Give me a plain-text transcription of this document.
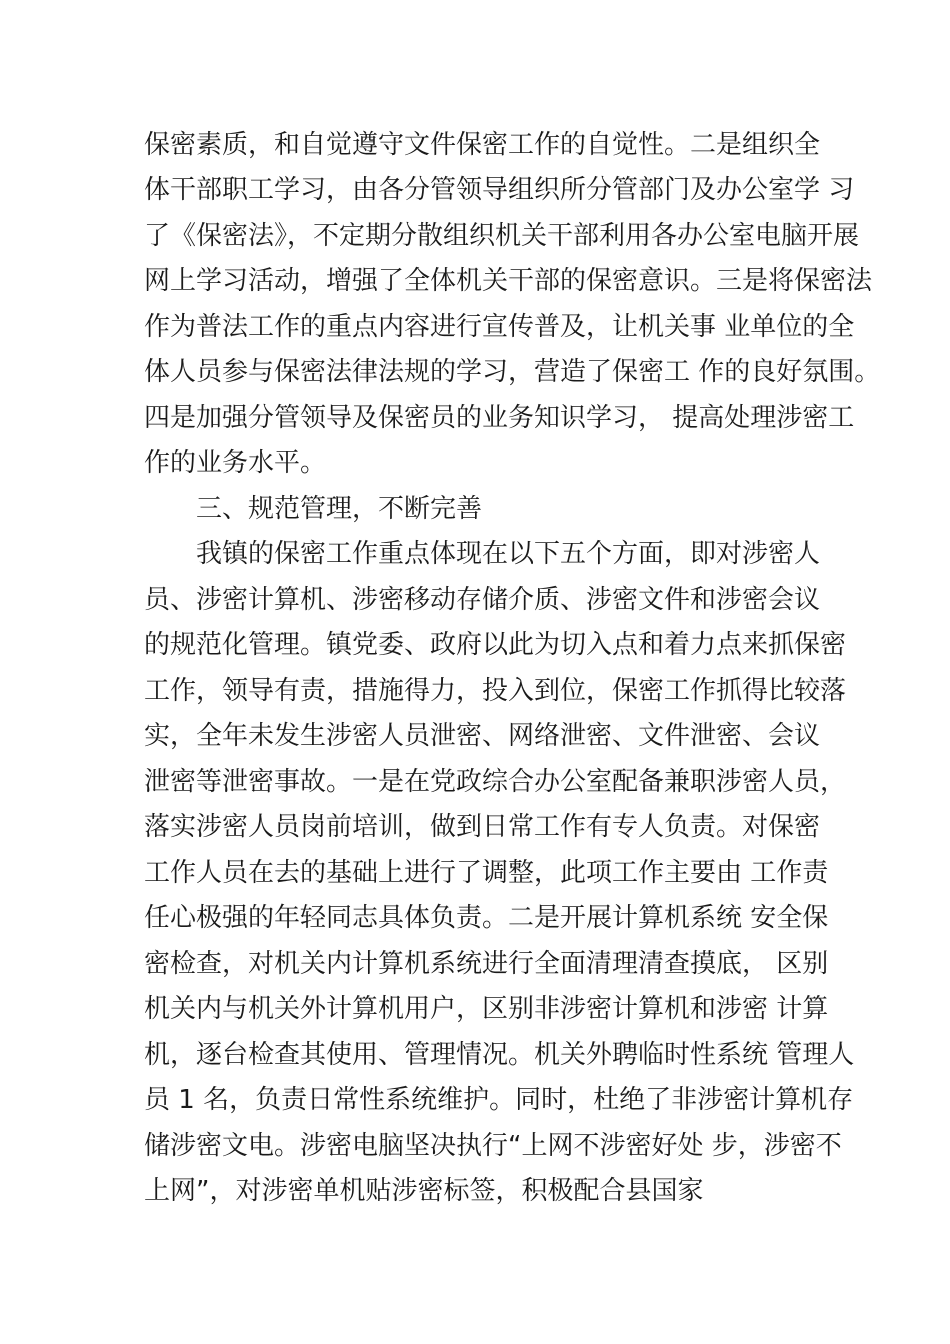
保密素质，和自觉遵守文件保密工作的自觉性。二是组织全
体干部职工学习，由各分管领导组织所分管部门及办公室学 习
了《保密法》，不定期分散组织机关干部利用各办公室电脑开展
网上学习活动，增强了全体机关干部的保密意识。三是将保密法
作为普法工作的重点内容进行宣传普及，让机关事 业单位的全
体人员参与保密法律法规的学习，营造了保密工 作的良好氛围。
四是加强分管领导及保密员的业务知识学习， 提高处理涉密工
作的业务水平。
三、规范管理，不断完善
我镇的保密工作重点体现在以下五个方面，即对涉密人
员、涉密计算机、涉密移动存储介质、涉密文件和涉密会议
的规范化管理。镇党委、政府以此为切入点和着力点来抓保密
工作，领导有责，措施得力，投入到位，保密工作抓得比较落
实，全年未发生涉密人员泄密、网络泄密、文件泄密、会议
泄密等泄密事故。一是在党政综合办公室配备兼职涉密人员，
落实涉密人员岗前培训，做到日常工作有专人负责。对保密
工作人员在去的基础上进行了调整，此项工作主要由 工作责
任心极强的年轻同志具体负责。二是开展计算机系统 安全保
密检查，对机关内计算机系统进行全面清理清查摸底， 区别
机关内与机关外计算机用户，区别非涉密计算机和涉密 计算
机，逐台检查其使用、管理情况。机关外聘临时性系统 管理人
员 1 名，负责日常性系统维护。同时，杜绝了非涉密计算机存
储涉密文电。涉密电脑坚决执行“上网不涉密好处 步，涉密不
上网”，对涉密单机贴涉密标签，积极配合县国家
